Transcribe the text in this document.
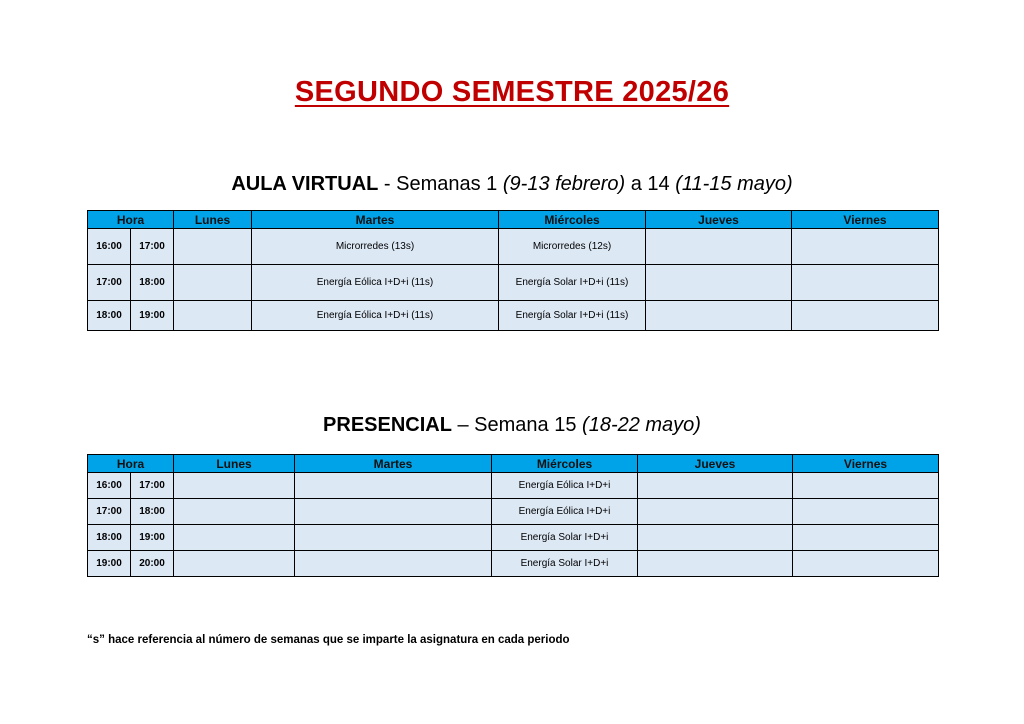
SEGUNDO SEMESTRE 2025/26
AULA VIRTUAL - Semanas 1 (9-13 febrero) a 14 (11-15 mayo)
Hora		Lunes	Martes	Miércoles	Jueves	Viernes
16:00	17:00		Microrredes (13s)	Microrredes (12s)		
17:00	18:00		Energía Eólica I+D+i (11s)	Energía Solar I+D+i (11s)		
18:00	19:00		Energía Eólica I+D+i (11s)	Energía Solar I+D+i (11s)		
PRESENCIAL – Semana 15 (18-22 mayo)
Hora		Lunes	Martes	Miércoles	Jueves	Viernes
16:00	17:00			Energía Eólica I+D+i		
17:00	18:00			Energía Eólica I+D+i		
18:00	19:00			Energía Solar I+D+i		
19:00	20:00			Energía Solar I+D+i		
“s” hace referencia al número de semanas que se imparte la asignatura en cada periodo
